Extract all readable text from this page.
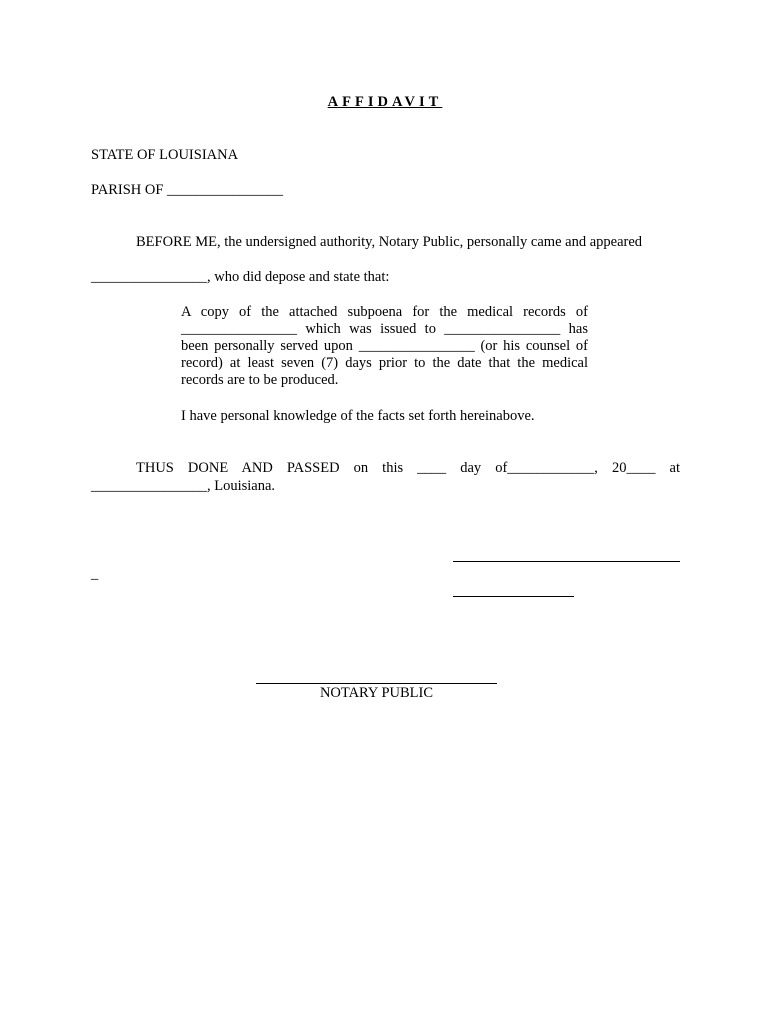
AFFIDAVIT
STATE OF LOUISIANA
PARISH OF ________________
BEFORE ME, the undersigned authority, Notary Public, personally came and appeared
________________, who did depose and state that:
A copy of the attached subpoena for the medical records of
________________ which was issued to ________________ has
been personally served upon ________________ (or his counsel of
record) at least seven (7) days prior to the date that the medical
records are to be produced.
I have personal knowledge of the facts set forth hereinabove.
THUS DONE AND PASSED on this ____ day of____________, 20____ at
________________, Louisiana.
_
NOTARY PUBLIC
